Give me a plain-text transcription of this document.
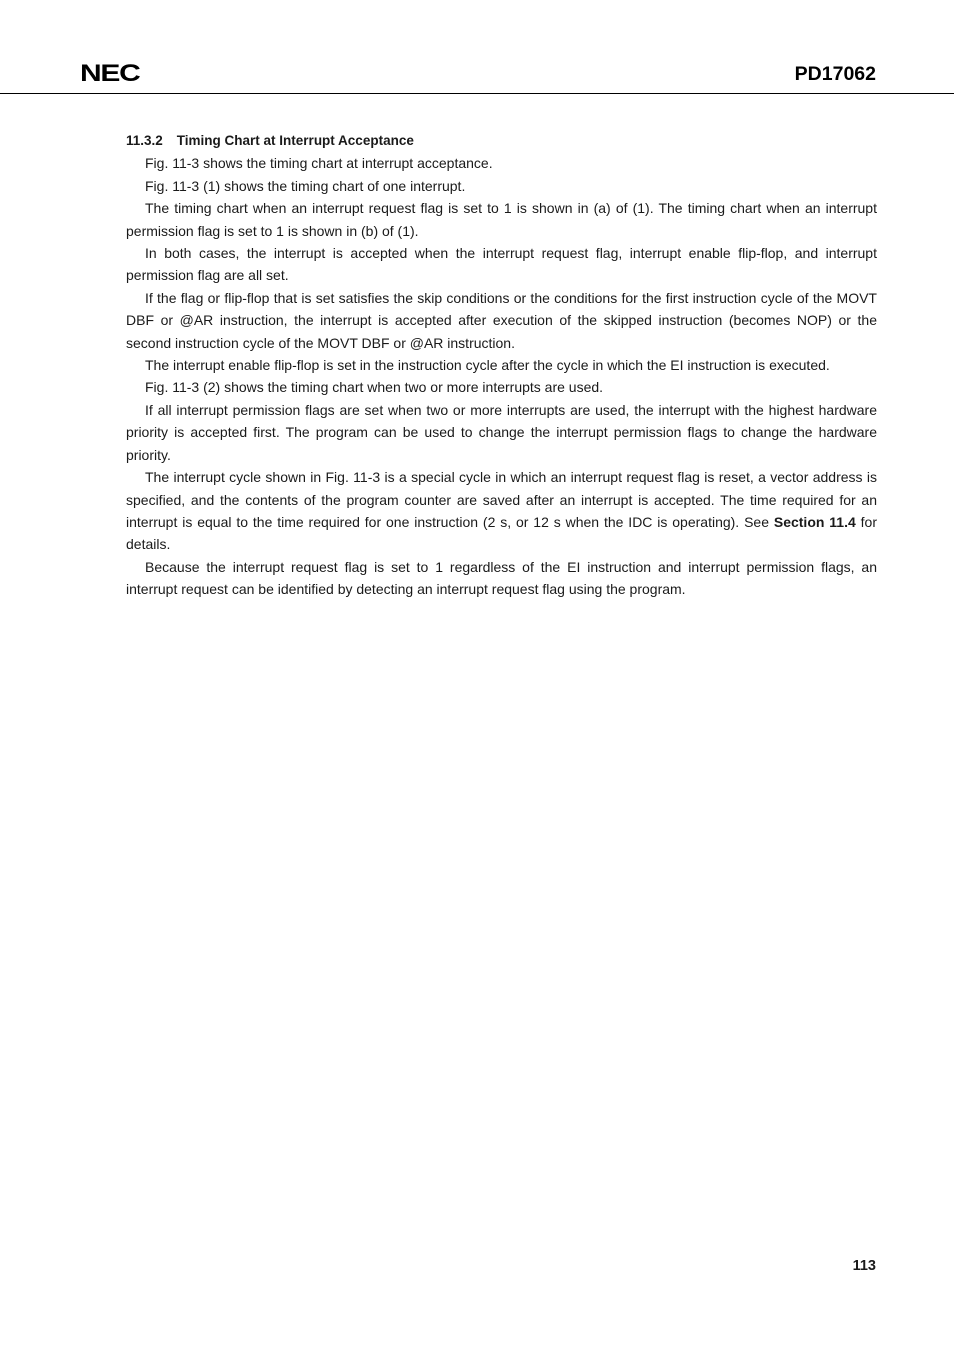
NEC	PD17062
11.3.2 Timing Chart at Interrupt Acceptance

Fig. 11-3 shows the timing chart at interrupt acceptance.

Fig. 11-3 (1) shows the timing chart of one interrupt.

The timing chart when an interrupt request flag is set to 1 is shown in (a) of (1). The timing chart when an interrupt permission flag is set to 1 is shown in (b) of (1).

In both cases, the interrupt is accepted when the interrupt request flag, interrupt enable flip-flop, and interrupt permission flag are all set.

If the flag or flip-flop that is set satisfies the skip conditions or the conditions for the first instruction cycle of the MOVT DBF or @AR instruction, the interrupt is accepted after execution of the skipped instruction (becomes NOP) or the second instruction cycle of the MOVT DBF or @AR instruction.

The interrupt enable flip-flop is set in the instruction cycle after the cycle in which the EI instruction is executed.

Fig. 11-3 (2) shows the timing chart when two or more interrupts are used.

If all interrupt permission flags are set when two or more interrupts are used, the interrupt with the highest hardware priority is accepted first. The program can be used to change the interrupt permission flags to change the hardware priority.

The interrupt cycle shown in Fig. 11-3 is a special cycle in which an interrupt request flag is reset, a vector address is specified, and the contents of the program counter are saved after an interrupt is accepted. The time required for an interrupt is equal to the time required for one instruction (2 s, or 12 s when the IDC is operating). See Section 11.4 for details.

Because the interrupt request flag is set to 1 regardless of the EI instruction and interrupt permission flags, an interrupt request can be identified by detecting an interrupt request flag using the program.

113
